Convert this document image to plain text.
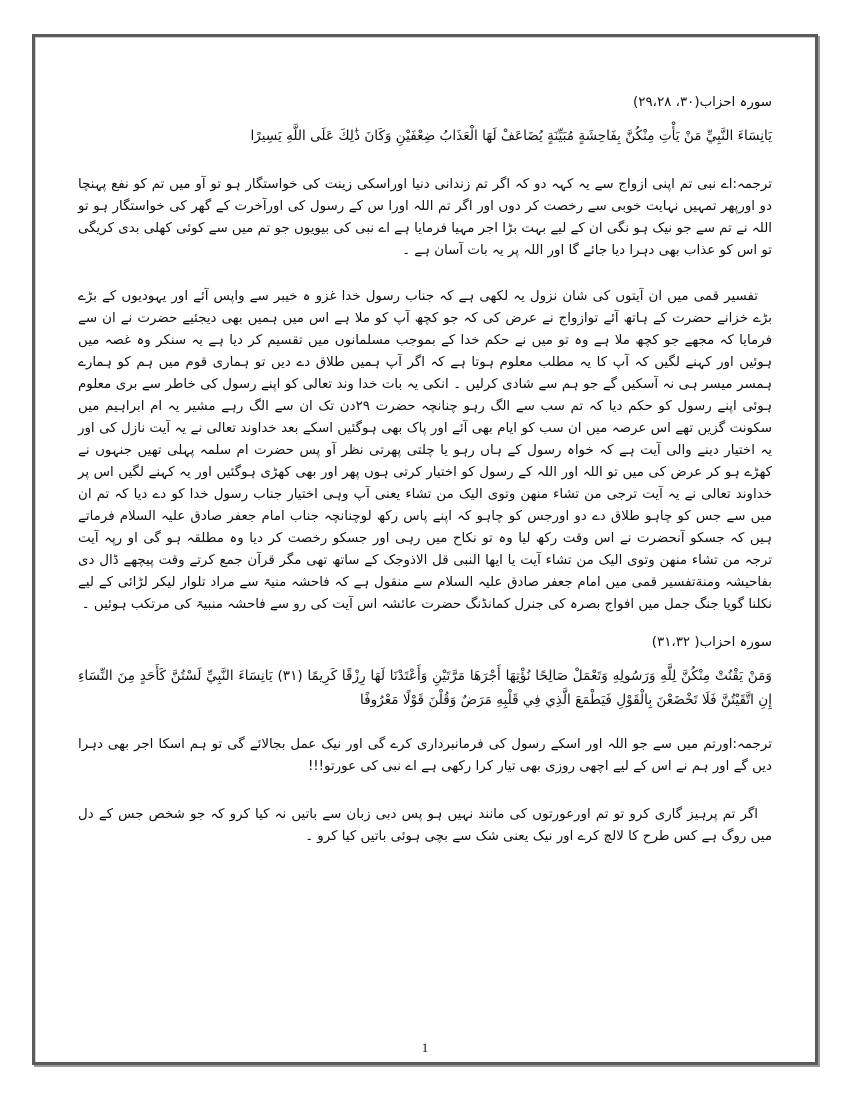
سورہ احزاب(۳۰، ۲۹،۲۸)

يَانِسَاءَ النَّبِيِّ مَنْ يَأْتِ مِنْكُنَّ بِفَاحِشَةٍ مُبَيِّنَةٍ يُضَاعَفْ لَهَا الْعَذَابُ ضِعْفَيْنِ وَكَانَ ذَٰلِكَ عَلَى اللَّهِ يَسِيرًا

ترجمہ:اے نبی تم اپنی ازواج سے یہ کہہ دو کہ اگر تم زندانی دنیا اوراسکی زینت کی خواستگار ہو تو آو میں تم کو نفع پہنچا دو اورپھر تمہیں نہایت خوبی سے رخصت کر دوں اور اگر تم اللہ اورا س کے رسول کی اورآخرت کے گھر کی خواستگار ہو تو اللہ نے تم سے جو نیک ہو نگی ان کے لیے بہت بڑا اجر مہیا فرمایا ہے اے نبی کی بیویوں جو تم میں سے کوئی کھلی بدی کریگی تو اس کو عذاب بھی دہرا دیا جائے گا اور اللہ پر یہ بات آسان ہے ۔

تفسیر قمی میں ان آیتوں کی شان نزول یہ لکھی ہے کہ جناب رسول خدا غزو ہ خیبر سے واپس آئے اور یہودیوں کے بڑے بڑے خزانے حضرت کے ہاتھ آئے توازواج نے عرض کی کہ جو کچھ آپ کو ملا ہے اس میں ہمیں بھی دیجئیے حضرت نے ان سے فرمایا کہ مجھے جو کچھ ملا ہے وہ تو میں نے حکم خدا کے بموجب مسلمانوں میں تقسیم کر دیا ہے یہ سنکر وہ غصہ میں ہوئیں اور کہنے لگیں کہ آپ کا یہ مطلب معلوم ہوتا ہے کہ اگر آپ ہمیں طلاق دے دیں تو ہماری قوم میں ہم کو ہمارے ہمسر میسر ہی نہ آسکیں گے جو ہم سے شادی کرلیں ۔ انکی یہ بات خدا وند تعالی کو اپنے رسول کی خاطر سے بری معلوم ہوئی اپنے رسول کو حکم دیا کہ تم سب سے الگ رہو چنانچہ حضرت ۲۹دن تک ان سے الگ رہے مشیر یہ ام ابراہیم میں سکونت گزیں تھے اس عرصہ میں ان سب کو ایام بھی آئے اور پاک بھی ہوگئیں اسکے بعد خداوند تعالی نے یہ آیت نازل کی اور یہ اختیار دینے والی آیت ہے کہ خواہ رسول کے ہاں رہو یا چلتی پھرتی نظر آو پس حضرت ام سلمہ پہلی تھیں جنہوں نے کھڑے ہو کر عرض کی میں تو اللہ اور اللہ کے رسول کو اختیار کرتی ہوں پھر اور بھی کھڑی ہوگئیں اور یہ کہنے لگیں اس پر خداوند تعالی نے یہ آیت ترجی من تشاء منھن وتوی الیک من تشاء یعنی آپ وہی اختیار جناب رسول خدا کو دے دیا کہ تم ان میں سے جس کو چاہو طلاق دے دو اورجس کو چاہو کہ اپنے پاس رکھ لوچنانچہ جناب امام جعفر صادق علیہ السلام فرماتے ہیں کہ جسکو آنحضرت نے اس وقت رکھ لیا وہ تو نکاح میں رہی اور جسکو رخصت کر دیا وہ مطلقہ ہو گی او رپہ آیت ترجہ من تشاء منھن وتوی الیک من تشاء آیت یا ایھا النبی قل الاذوجک کے ساتھ تھی مگر قرآن جمع کرتے وقت پیچھے ڈال دی بفاحیشہ ومنةتفسیر قمی میں امام جعفر صادق علیہ السلام سے منقول ہے کہ فاحشہ منیۃ سے مراد تلوار لیکر لڑائی کے لیے نکلنا گویا جنگ جمل میں افواج بصرہ کی جنرل کمانڈنگ حضرت عائشہ اس آیت کی رو سے فاحشہ منبیۃ کی مرتکب ہوئیں ۔

سورہ احزاب( ۳۱،۳۲)

وَمَنْ يَقْنُتْ مِنْكُنَّ لِلَّهِ وَرَسُولِهِ وَتَعْمَلْ صَالِحًا نُؤْتِهَا أَجْرَهَا مَرَّتَيْنِ وَأَعْتَدْنَا لَهَا رِزْقًا كَرِيمًا (۳۱) يَانِسَاءَ النَّبِيِّ لَسْتُنَّ كَأَحَدٍ مِنَ النِّسَاءِ إِنِ اتَّقَيْتُنَّ فَلَا تَخْضَعْنَ بِالْقَوْلِ فَيَطْمَعَ الَّذِي فِي قَلْبِهِ مَرَضٌ وَقُلْنَ قَوْلًا مَعْرُوفًا

ترجمہ:اورتم میں سے جو اللہ اور اسکے رسول کی فرمانبرداری کرے گی اور نیک عمل بجالائے گی تو ہم اسکا اجر بھی دہرا دیں گے اور ہم نے اس کے لیے اچھی روزی بھی تیار کرا رکھی ہے اے نبی کی عورتو!!!

اگر تم پرہیز گاری کرو تو تم اورعورتوں کی مانند نہیں ہو پس دبی زبان سے باتیں نہ کیا کرو کہ جو شخص جس کے دل میں روگ ہے کس طرح کا لالچ کرے اور نیک یعنی شک سے بچی ہوئی باتیں کیا کرو ۔

1
